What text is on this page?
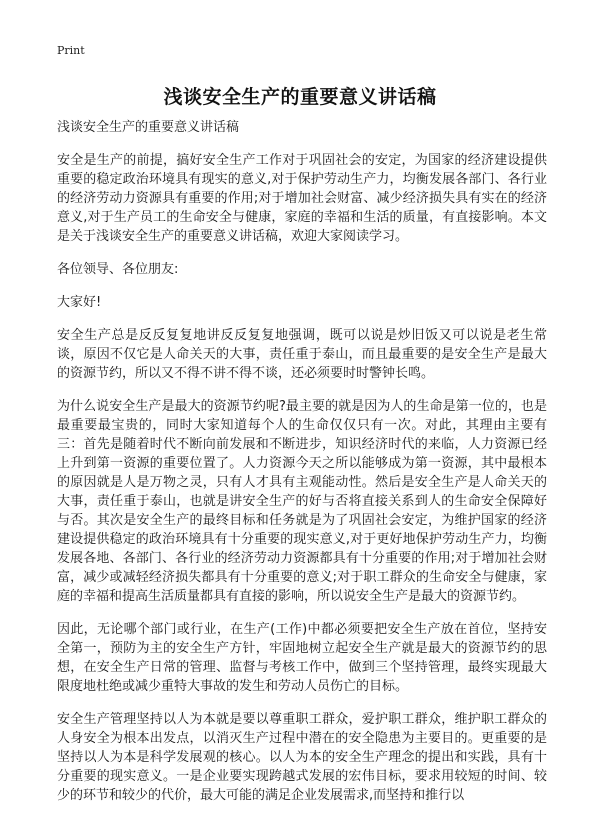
Print
浅谈安全生产的重要意义讲话稿

浅谈安全生产的重要意义讲话稿

安全是生产的前提，搞好安全生产工作对于巩固社会的安定，为国家的经济建设提供重要的稳定政治环境具有现实的意义,对于保护劳动生产力，均衡发展各部门、各行业的经济劳动力资源具有重要的作用;对于增加社会财富、减少经济损失具有实在的经济意义,对于生产员工的生命安全与健康，家庭的幸福和生活的质量，有直接影响。本文是关于浅谈安全生产的重要意义讲话稿，欢迎大家阅读学习。

各位领导、各位朋友:

大家好!

安全生产总是反反复复地讲反反复复地强调，既可以说是炒旧饭又可以说是老生常谈，原因不仅它是人命关天的大事，责任重于泰山，而且最重要的是安全生产是最大的资源节约，所以又不得不讲不得不谈，还必须要时时警钟长鸣。

为什么说安全生产是最大的资源节约呢?最主要的就是因为人的生命是第一位的，也是最重要最宝贵的，同时大家知道每个人的生命仅仅只有一次。对此，其理由主要有三：首先是随着时代不断向前发展和不断进步，知识经济时代的来临，人力资源已经上升到第一资源的重要位置了。人力资源今天之所以能够成为第一资源，其中最根本的原因就是人是万物之灵，只有人才具有主观能动性。然后是安全生产是人命关天的大事，责任重于泰山，也就是讲安全生产的好与否将直接关系到人的生命安全保障好与否。其次是安全生产的最终目标和任务就是为了巩固社会安定，为维护国家的经济建设提供稳定的政治环境具有十分重要的现实意义,对于更好地保护劳动生产力，均衡发展各地、各部门、各行业的经济劳动力资源都具有十分重要的作用;对于增加社会财富，减少或减轻经济损失都具有十分重要的意义;对于职工群众的生命安全与健康，家庭的幸福和提高生活质量都具有直接的影响，所以说安全生产是最大的资源节约。

因此，无论哪个部门或行业，在生产(工作)中都必须要把安全生产放在首位，坚持安全第一，预防为主的安全生产方针，牢固地树立起安全生产就是最大的资源节约的思想，在安全生产日常的管理、监督与考核工作中，做到三个坚持管理，最终实现最大限度地杜绝或减少重特大事故的发生和劳动人员伤亡的目标。

安全生产管理坚持以人为本就是要以尊重职工群众，爱护职工群众，维护职工群众的人身安全为根本出发点，以消灭生产过程中潜在的安全隐患为主要目的。更重要的是坚持以人为本是科学发展观的核心。以人为本的安全生产理念的提出和实践，具有十分重要的现实意义。一是企业要实现跨越式发展的宏伟目标，要求用较短的时间、较少的环节和较少的代价，最大可能的满足企业发展需求,而坚持和推行以
